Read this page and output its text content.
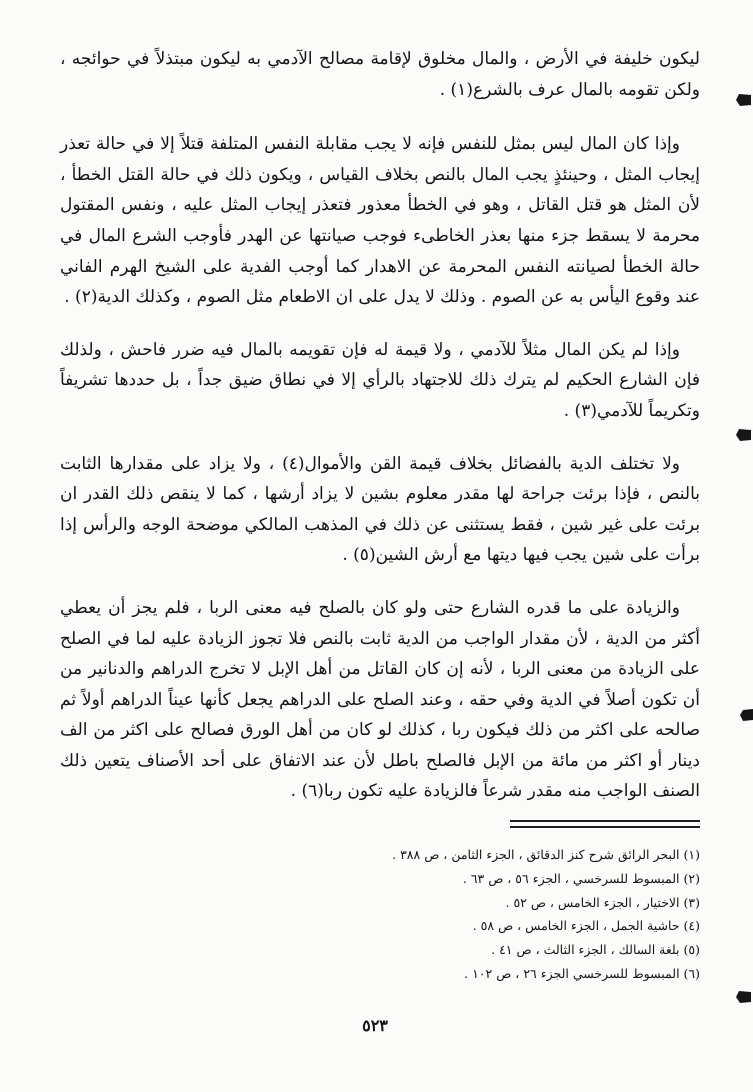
ليكون خليفة في الأرض ، والمال مخلوق لإقامة مصالح الآدمي به ليكون مبتذلاً في حوائجه ، ولكن تقومه بالمال عرف بالشرع(١) .

وإذا كان المال ليس بمثل للنفس فإنه لا يجب مقابلة النفس المتلفة قتلاً إلا في حالة تعذر إيجاب المثل ، وحينئذٍ يجب المال بالنص بخلاف القياس ، ويكون ذلك في حالة القتل الخطأ ، لأن المثل هو قتل القاتل ، وهو في الخطأ معذور فتعذر إيجاب المثل عليه ، ونفس المقتول محرمة لا يسقط جزء منها بعذر الخاطىء فوجب صيانتها عن الهدر فأوجب الشرع المال في حالة الخطأ لصيانته النفس المحرمة عن الاهدار كما أوجب الفدية على الشيخ الهرم الفاني عند وقوع اليأس به عن الصوم . وذلك لا يدل على ان الاطعام مثل الصوم ، وكذلك الدية(٢) .

وإذا لم يكن المال مثلاً للآدمي ، ولا قيمة له فإن تقويمه بالمال فيه ضرر فاحش ، ولذلك فإن الشارع الحكيم لم يترك ذلك للاجتهاد بالرأي إلا في نطاق ضيق جداً ، بل حددها تشريفاً وتكريماً للآدمي(٣) .

ولا تختلف الدية بالفضائل بخلاف قيمة القن والأموال(٤) ، ولا يزاد على مقدارها الثابت بالنص ، فإذا برئت جراحة لها مقدر معلوم بشين لا يزاد أرشها ، كما لا ينقص ذلك القدر ان برئت على غير شين ، فقط يستثنى عن ذلك في المذهب المالكي موضحة الوجه والرأس إذا برأت على شين يجب فيها ديتها مع أرش الشين(٥) .

والزيادة على ما قدره الشارع حتى ولو كان بالصلح فيه معنى الربا ، فلم يجز أن يعطي أكثر من الدية ، لأن مقدار الواجب من الدية ثابت بالنص فلا تجوز الزيادة عليه لما في الصلح على الزيادة من معنى الربا ، لأنه إن كان القاتل من أهل الإبل لا تخرج الدراهم والدنانير من أن تكون أصلاً في الدية وفي حقه ، وعند الصلح على الدراهم يجعل كأنها عيناً الدراهم أولاً ثم صالحه على اكثر من ذلك فيكون ربا ، كذلك لو كان من أهل الورق فصالح على اكثر من الف دينار أو اكثر من مائة من الإبل فالصلح باطل لأن عند الاتفاق على أحد الأصناف يتعين ذلك الصنف الواجب منه مقدر شرعاً فالزيادة عليه تكون ربا(٦) .

(١) البحر الرائق شرح كنز الدقائق ، الجزء الثامن ، ص ٣٨٨ .
(٢) المبسوط للسرخسي ، الجزء ٥٦ ، ص ٦٣ .
(٣) الاختيار ، الجزء الخامس ، ص ٥٢ .
(٤) حاشية الجمل ، الجزء الخامس ، ص ٥٨ .
(٥) بلغة السالك ، الجزء الثالث ، ص ٤١ .
(٦) المبسوط للسرخسي الجزء ٢٦ ، ص ١٠٢ .
٥٢٣
